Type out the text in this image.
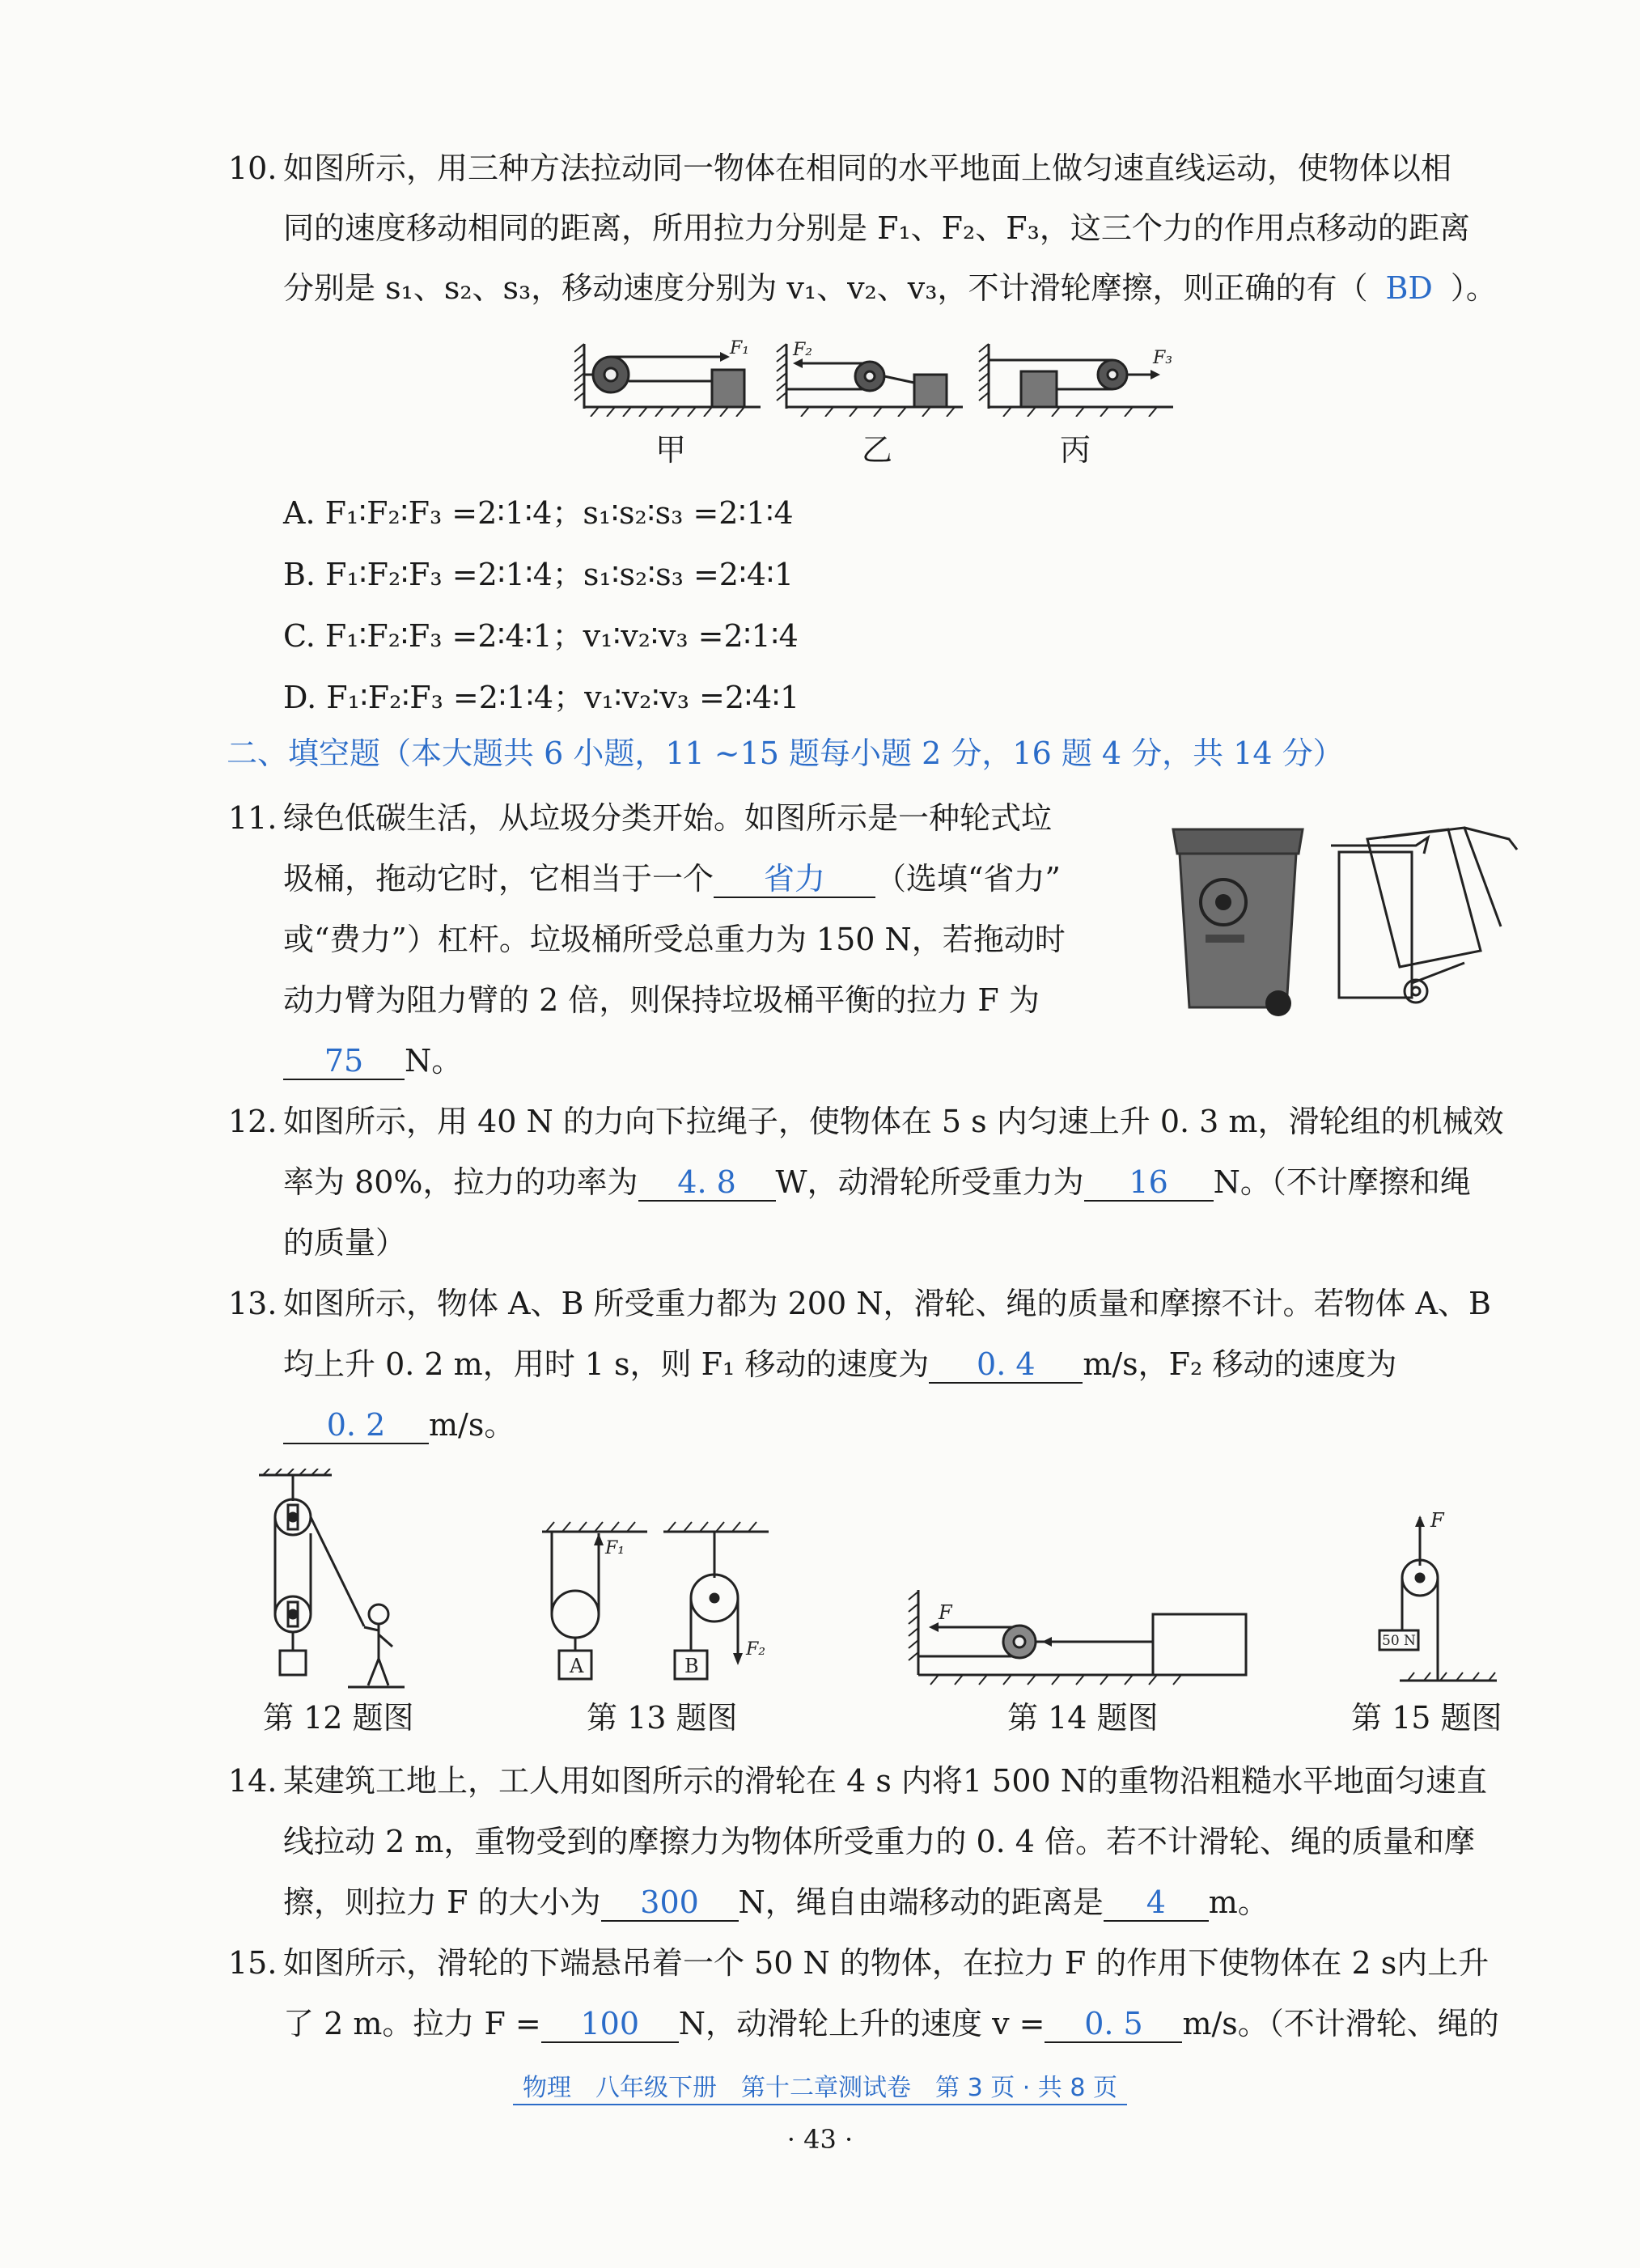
10. 如图所示，用三种方法拉动同一物体在相同的水平地面上做匀速直线运动，使物体以相
同的速度移动相同的距离，所用拉力分别是 F₁、F₂、F₃，这三个力的作用点移动的距离
分别是 s₁、s₂、s₃，移动速度分别为 v₁、v₂、v₃，不计滑轮摩擦，则正确的有（ BD ）。
F₁ F₂	F₃
甲	乙	丙
A. F₁∶F₂∶F₃ =2∶1∶4；s₁∶s₂∶s₃ =2∶1∶4
B. F₁∶F₂∶F₃ =2∶1∶4；s₁∶s₂∶s₃ =2∶4∶1
C. F₁∶F₂∶F₃ =2∶4∶1；v₁∶v₂∶v₃ =2∶1∶4
D. F₁∶F₂∶F₃ =2∶1∶4；v₁∶v₂∶v₃ =2∶4∶1
二、填空题（本大题共 6 小题，11 ~15 题每小题 2 分，16 题 4 分，共 14 分）
11. 绿色低碳生活，从垃圾分类开始。如图所示是一种轮式垃
圾桶，拖动它时，它相当于一个 省力 （选填“省力”
或“费力”）杠杆。垃圾桶所受总重力为 150 N，若拖动时
动力臂为阻力臂的 2 倍，则保持垃圾桶平衡的拉力 F 为
75 N。
12. 如图所示，用 40 N 的力向下拉绳子，使物体在 5 s 内匀速上升 0. 3 m，滑轮组的机械效
率为 80%，拉力的功率为 4. 8 W，动滑轮所受重力为 16 N。（不计摩擦和绳
的质量）
13. 如图所示，物体 A、B 所受重力都为 200 N，滑轮、绳的质量和摩擦不计。若物体 A、B
均上升 0. 2 m，用时 1 s，则 F₁ 移动的速度为 0. 4 m/s，F₂ 移动的速度为
0. 2 m/s。
A	B
F₁
F₂
F
F
50 N
第 12 题图	第 13 题图	第 14 题图	第 15 题图
14. 某建筑工地上，工人用如图所示的滑轮在 4 s 内将1 500 N的重物沿粗糙水平地面匀速直
线拉动 2 m，重物受到的摩擦力为物体所受重力的 0. 4 倍。若不计滑轮、绳的质量和摩
擦，则拉力 F 的大小为 300 N，绳自由端移动的距离是 4 m。
15. 如图所示，滑轮的下端悬吊着一个 50 N 的物体，在拉力 F 的作用下使物体在 2 s内上升
了 2 m。拉力 F = 100 N，动滑轮上升的速度 v = 0. 5 m/s。（不计滑轮、绳的
物理　八年级下册　第十二章测试卷　第 3 页 · 共 8 页
· 43 ·
